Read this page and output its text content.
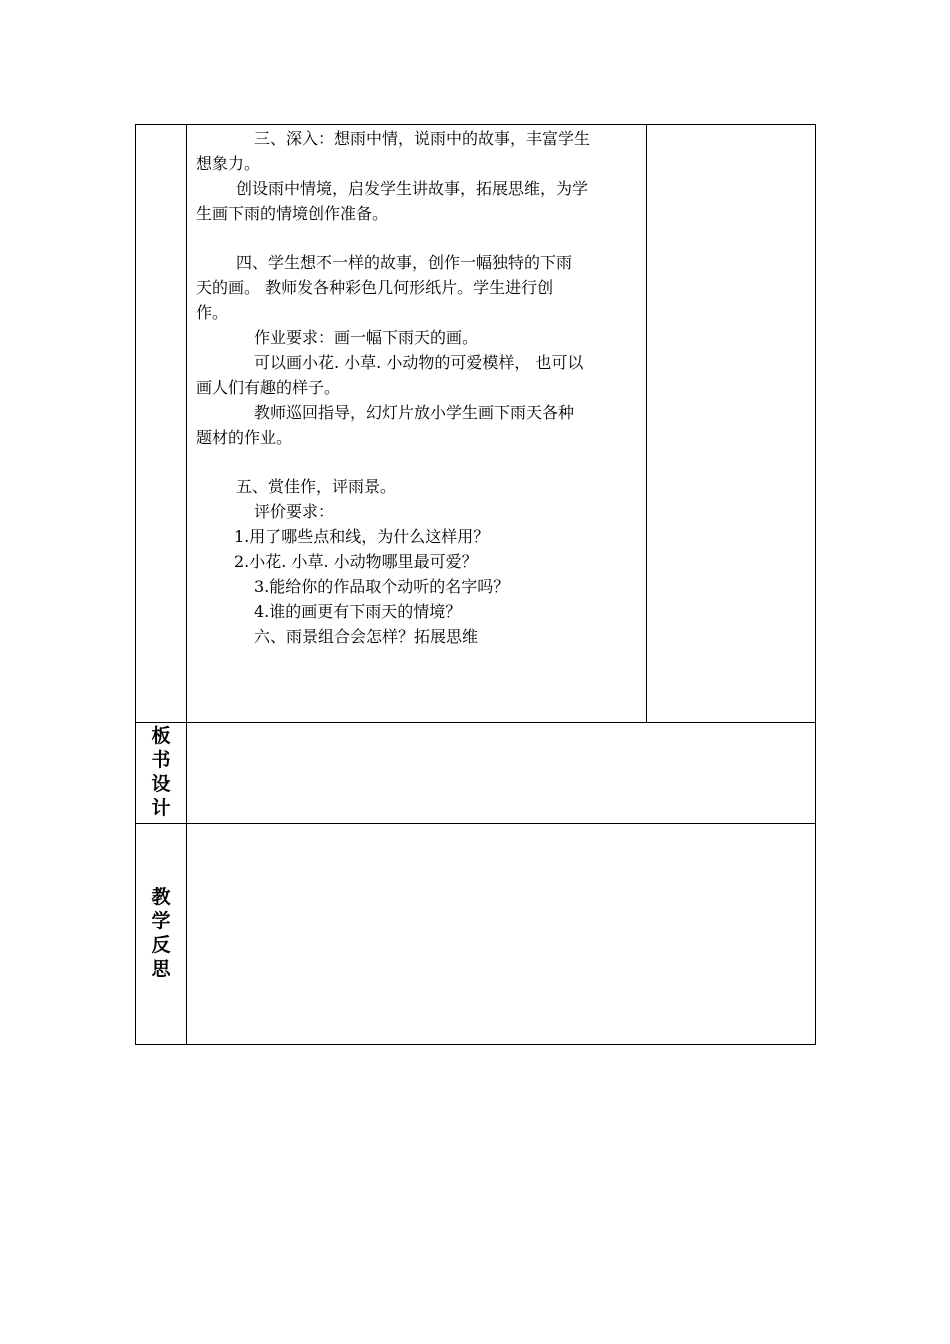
三、深入：想雨中情，说雨中的故事，丰富学生
想象力。
创设雨中情境，启发学生讲故事，拓展思维，为学
生画下雨的情境创作准备。
四、学生想不一样的故事，创作一幅独特的下雨
天的画。 教师发各种彩色几何形纸片。学生进行创
作。
作业要求：画一幅下雨天的画。
可以画小花. 小草. 小动物的可爱模样， 也可以
画人们有趣的样子。
教师巡回指导，幻灯片放小学生画下雨天各种
题材的作业。
五、赏佳作，评雨景。
评价要求：
1.用了哪些点和线，为什么这样用？
2.小花. 小草. 小动物哪里最可爱？
3.能给你的作品取个动听的名字吗？
4.谁的画更有下雨天的情境？
六、雨景组合会怎样？拓展思维
板
书
设
计
教
学
反
思
